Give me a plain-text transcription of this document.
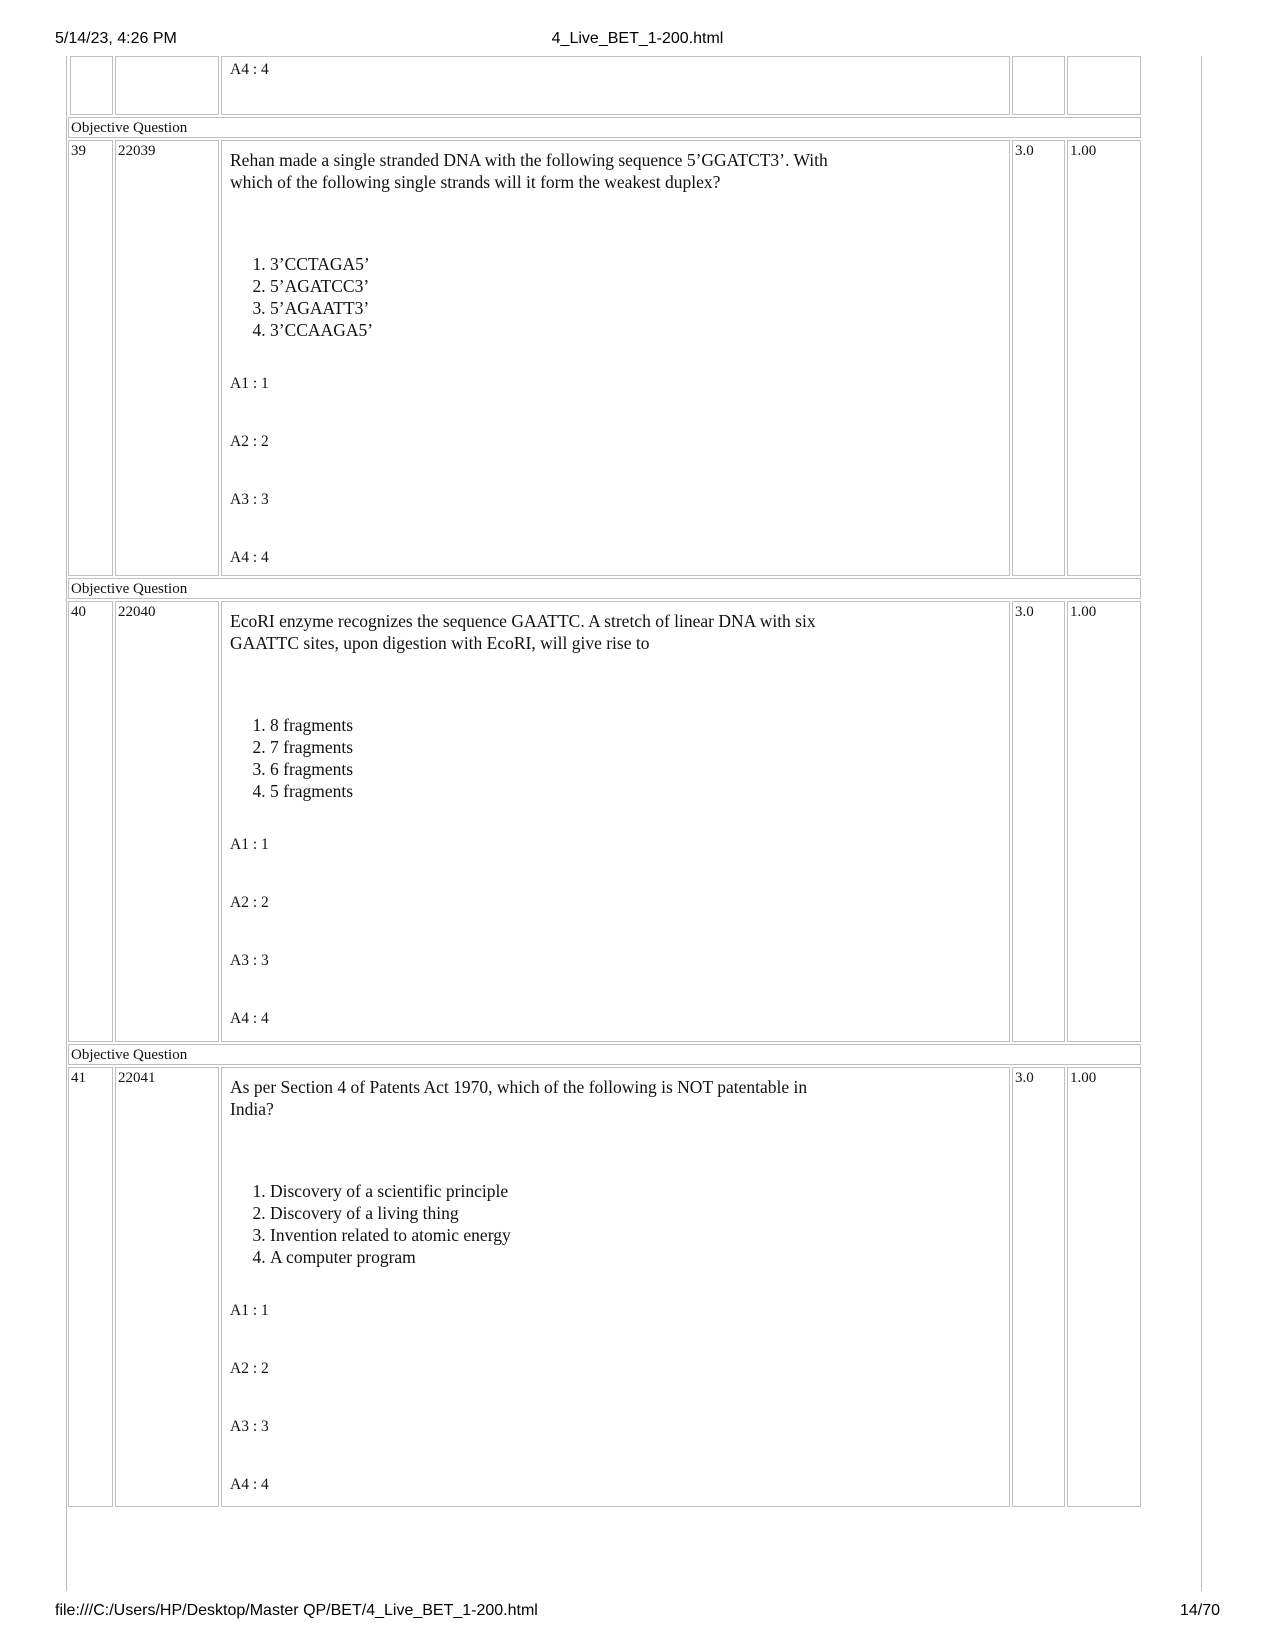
5/14/23, 4:26 PM	4_Live_BET_1-200.html
A4 : 4
Objective Question
39	22039	Rehan made a single stranded DNA with the following sequence 5’GGATCT3’. With which of the following single strands will it form the weakest duplex?

1. 3’CCTAGA5’
2. 5’AGATCC3’
3. 5’AGAATT3’
4. 3’CCAAGA5’
A1 : 1
A2 : 2
A3 : 3
A4 : 4
3.0	1.00
Objective Question
40	22040	EcoRI enzyme recognizes the sequence GAATTC. A stretch of linear DNA with six GAATTC sites, upon digestion with EcoRI, will give rise to

1. 8 fragments
2. 7 fragments
3. 6 fragments
4. 5 fragments
A1 : 1
A2 : 2
A3 : 3
A4 : 4
3.0	1.00
Objective Question
41	22041	As per Section 4 of Patents Act 1970, which of the following is NOT patentable in India?

1. Discovery of a scientific principle
2. Discovery of a living thing
3. Invention related to atomic energy
4. A computer program
A1 : 1
A2 : 2
A3 : 3
A4 : 4
3.0	1.00
file:///C:/Users/HP/Desktop/Master QP/BET/4_Live_BET_1-200.html	14/70
